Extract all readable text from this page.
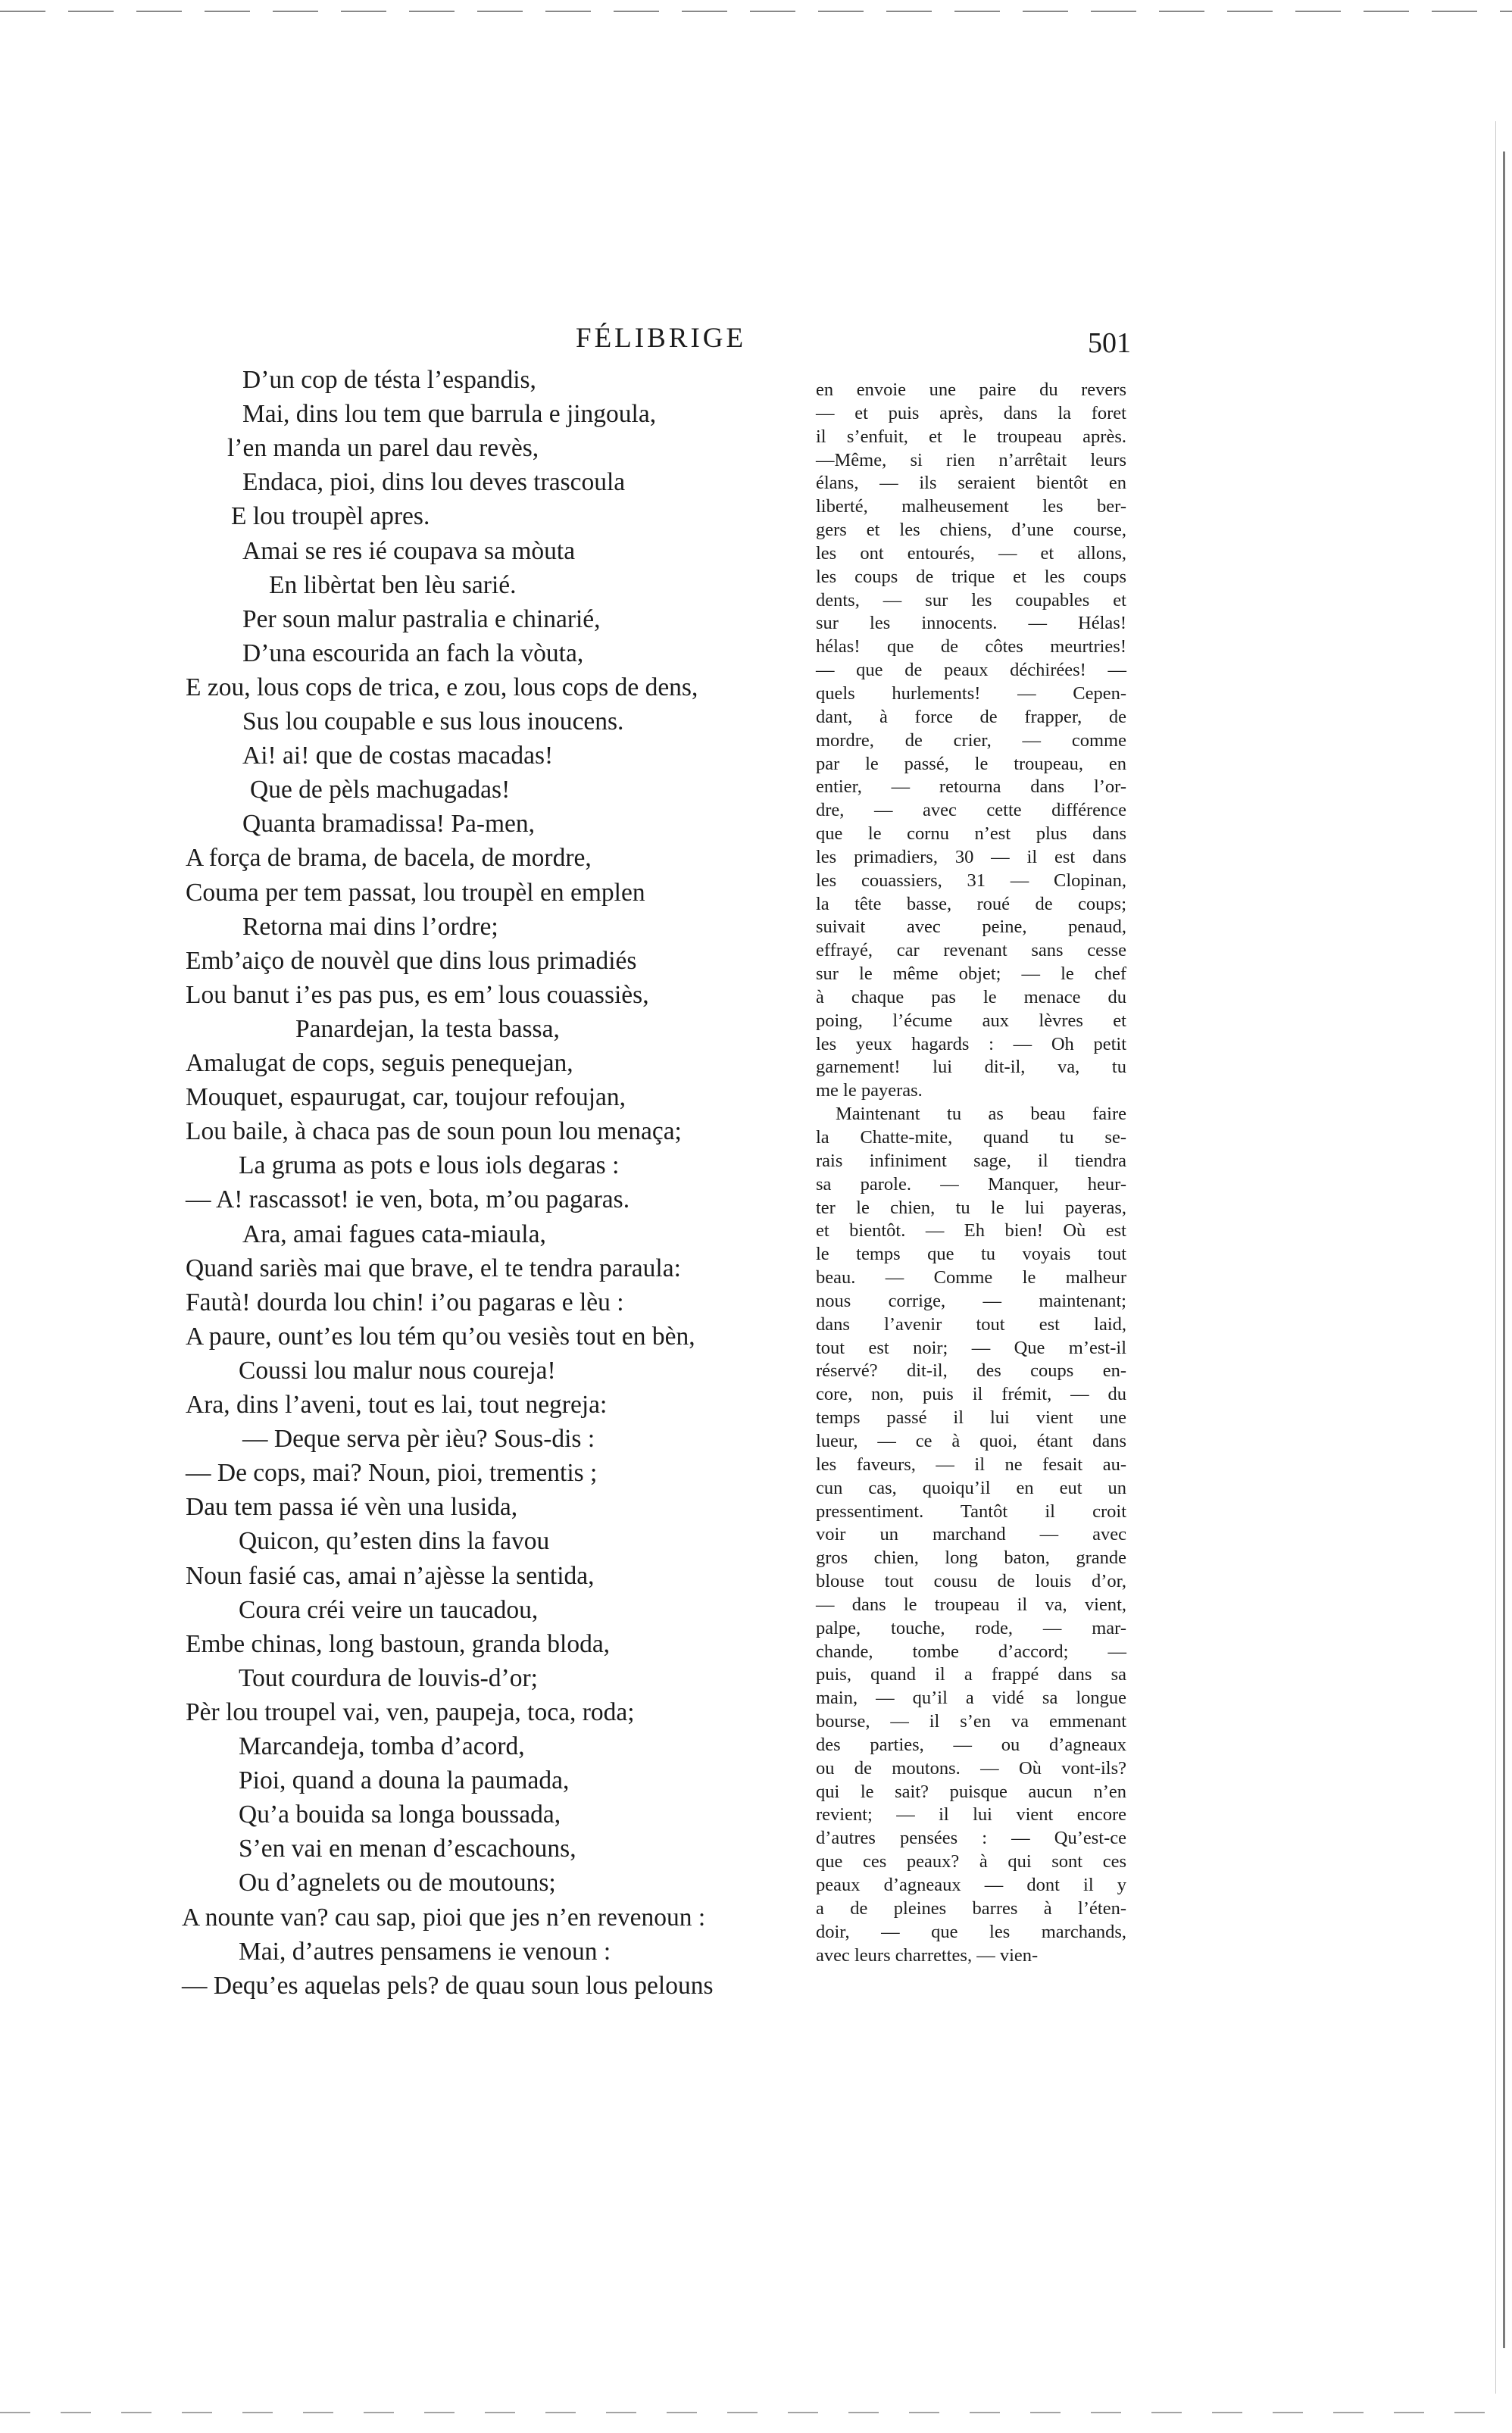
FÉLIBRIGE	501
D’un cop de tésta l’espandis,
Mai, dins lou tem que barrula e jingoula,
l’en manda un parel dau revès,
Endaca, pioi, dins lou deves trascoula
E lou troupèl apres.
Amai se res ié coupava sa mòuta
En libèrtat ben lèu sarié.
Per soun malur pastralia e chinarié,
D’una escourida an fach la vòuta,
E zou, lous cops de trica, e zou, lous cops de dens,
Sus lou coupable e sus lous inoucens.
Ai! ai! que de costas macadas!
Que de pèls machugadas!
Quanta bramadissa! Pa-men,
A força de brama, de bacela, de mordre,
Couma per tem passat, lou troupèl en emplen
Retorna mai dins l’ordre;
Emb’aiço de nouvèl que dins lous primadiés
Lou banut i’es pas pus, es em’ lous couassiès,
Panardejan, la testa bassa,
Amalugat de cops, seguis penequejan,
Mouquet, espaurugat, car, toujour refoujan,
Lou baile, à chaca pas de soun poun lou menaça;
La gruma as pots e lous iols degaras :
— A! rascassot! ie ven, bota, m’ou pagaras.
Ara, amai fagues cata-miaula,
Quand sariès mai que brave, el te tendra paraula:
Fautà! dourda lou chin! i’ou pagaras e lèu :
A paure, ount’es lou tém qu’ou vesiès tout en bèn,
Coussi lou malur nous coureja!
Ara, dins l’aveni, tout es lai, tout negreja:
— Deque serva pèr ièu? Sous-dis :
— De cops, mai? Noun, pioi, trementis ;
Dau tem passa ié vèn una lusida,
Quicon, qu’esten dins la favou
Noun fasié cas, amai n’ajèsse la sentida,
Coura créi veire un taucadou,
Embe chinas, long bastoun, granda bloda,
Tout courdura de louvis-d’or;
Pèr lou troupel vai, ven, paupeja, toca, roda;
Marcandeja, tomba d’acord,
Pioi, quand a douna la paumada,
Qu’a bouida sa longa boussada,
S’en vai en menan d’escachouns,
Ou d’agnelets ou de moutouns;
A nounte van? cau sap, pioi que jes n’en revenoun :
Mai, d’autres pensamens ie venoun :
— Dequ’es aquelas pels? de quau soun lous pelouns
en envoie une paire du revers
— et puis après, dans la foret
il s’enfuit, et le troupeau après.
—Même, si rien n’arrêtait leurs
élans, — ils seraient bientôt en
liberté, malheusement les ber-
gers et les chiens, d’une course,
les ont entourés, — et allons,
les coups de trique et les coups
dents, — sur les coupables et
sur les innocents. — Hélas!
hélas! que de côtes meurtries!
— que de peaux déchirées! —
quels hurlements! — Cepen-
dant, à force de frapper, de
mordre, de crier, — comme
par le passé, le troupeau, en
entier, — retourna dans l’or-
dre, — avec cette différence
que le cornu n’est plus dans
les primadiers, 30 — il est dans
les couassiers, 31 — Clopinan,
la tête basse, roué de coups;
suivait avec peine, penaud,
effrayé, car revenant sans cesse
sur le même objet; — le chef
à chaque pas le menace du
poing, l’écume aux lèvres et
les yeux hagards : — Oh petit
garnement! lui dit-il, va, tu
me le payeras.
Maintenant tu as beau faire
la Chatte-mite, quand tu se-
rais infiniment sage, il tiendra
sa parole. — Manquer, heur-
ter le chien, tu le lui payeras,
et bientôt. — Eh bien! Où est
le temps que tu voyais tout
beau. — Comme le malheur
nous corrige, — maintenant;
dans l’avenir tout est laid,
tout est noir; — Que m’est-il
réservé? dit-il, des coups en-
core, non, puis il frémit, — du
temps passé il lui vient une
lueur, — ce à quoi, étant dans
les faveurs, — il ne fesait au-
cun cas, quoiqu’il en eut un
pressentiment. Tantôt il croit
voir un marchand — avec
gros chien, long baton, grande
blouse tout cousu de louis d’or,
— dans le troupeau il va, vient,
palpe, touche, rode, — mar-
chande, tombe d’accord; —
puis, quand il a frappé dans sa
main, — qu’il a vidé sa longue
bourse, — il s’en va emmenant
des parties, — ou d’agneaux
ou de moutons. — Où vont-ils?
qui le sait? puisque aucun n’en
revient; — il lui vient encore
d’autres pensées : — Qu’est-ce
que ces peaux? à qui sont ces
peaux d’agneaux — dont il y
a de pleines barres à l’éten-
doir, — que les marchands,
avec leurs charrettes, — vien-
